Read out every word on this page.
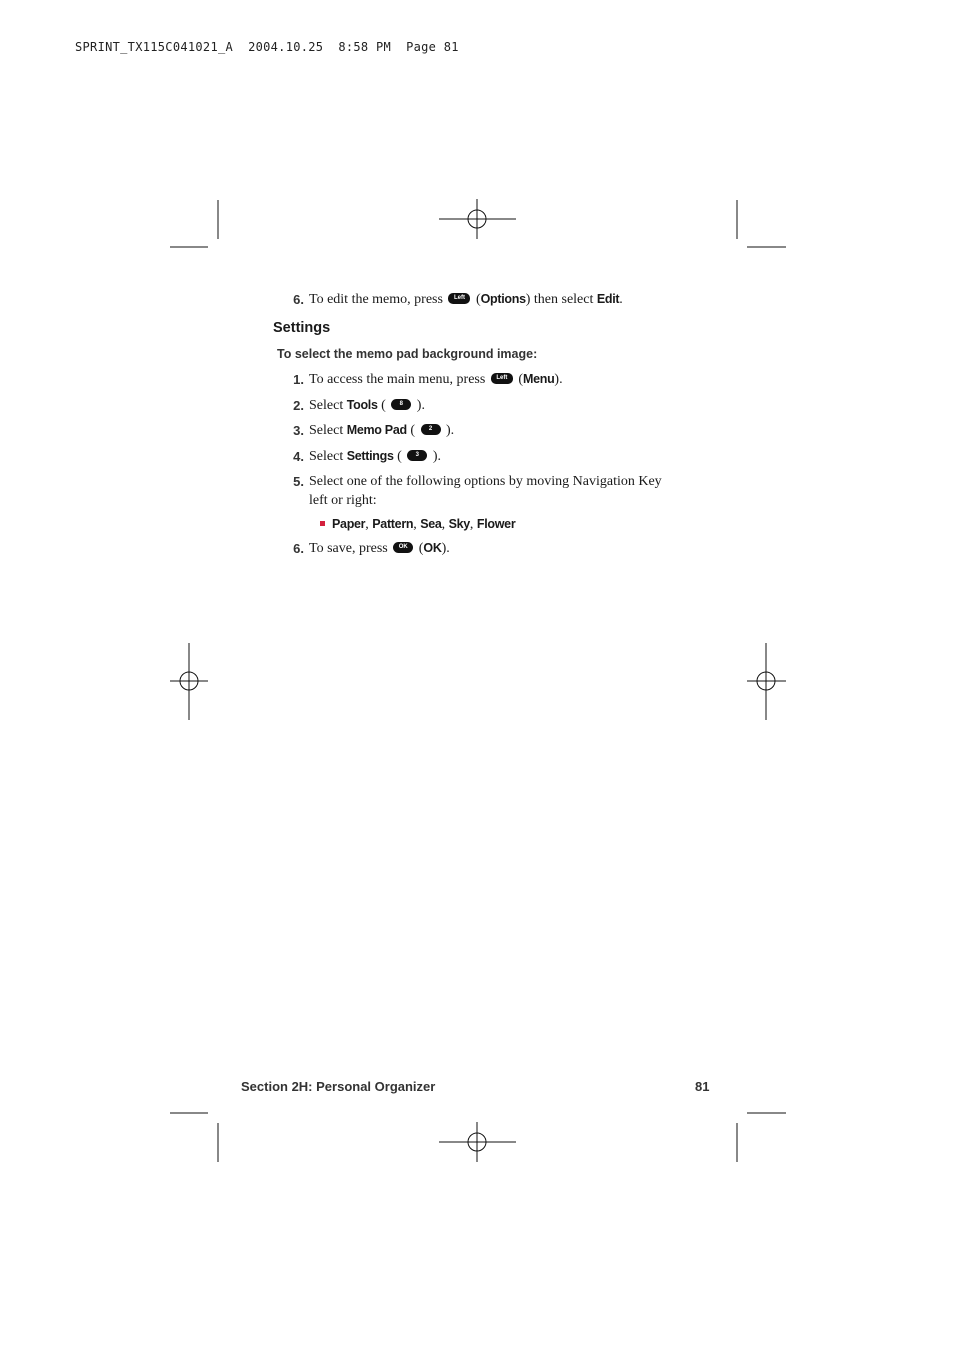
SPRINT_TX115C041021_A  2004.10.25  8:58 PM  Page 81
6. To edit the memo, press Left (Options) then select Edit.
Settings
To select the memo pad background image:
1. To access the main menu, press Left (Menu).
2. Select Tools ( 8 ).
3. Select Memo Pad ( 2 ).
4. Select Settings ( 3 ).
5. Select one of the following options by moving Navigation Key
left or right:
Paper, Pattern, Sea, Sky, Flower
6. To save, press OK (OK).
Section 2H: Personal Organizer	81
